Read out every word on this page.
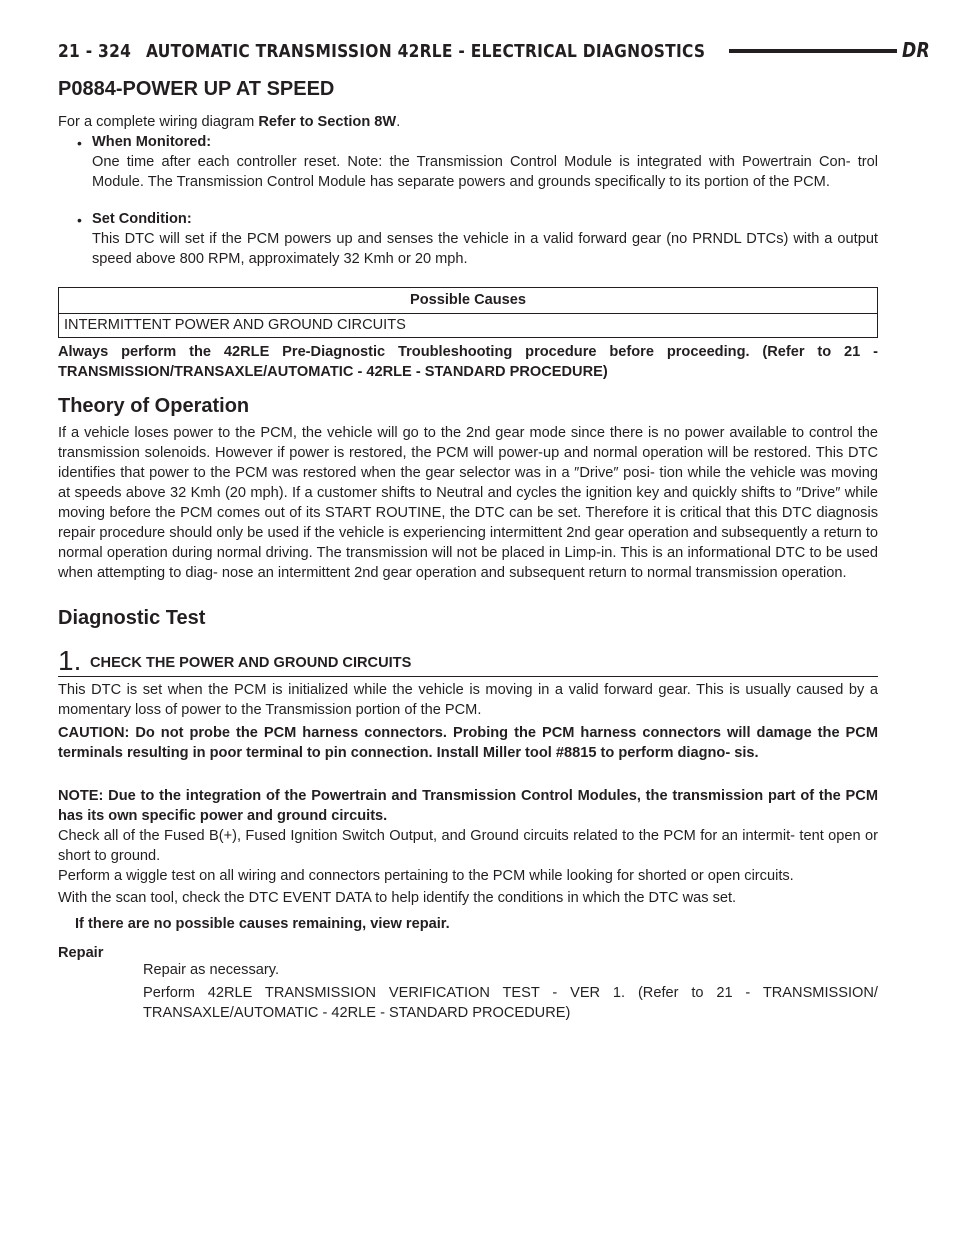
21 - 324 AUTOMATIC TRANSMISSION 42RLE - ELECTRICAL DIAGNOSTICS	DR
P0884-POWER UP AT SPEED

For a complete wiring diagram Refer to Section 8W.

• When Monitored:

One time after each controller reset. Note: the Transmission Control Module is integrated with Powertrain Con- trol Module. The Transmission Control Module has separate powers and grounds specifically to its portion of the PCM.

• Set Condition:

This DTC will set if the PCM powers up and senses the vehicle in a valid forward gear (no PRNDL DTCs) with a output speed above 800 RPM, approximately 32 Kmh or 20 mph.

Possible Causes
INTERMITTENT POWER AND GROUND CIRCUITS

Always perform the 42RLE Pre-Diagnostic Troubleshooting procedure before proceeding. (Refer to 21 - TRANSMISSION/TRANSAXLE/AUTOMATIC - 42RLE - STANDARD PROCEDURE)

Theory of Operation

If a vehicle loses power to the PCM, the vehicle will go to the 2nd gear mode since there is no power available to control the transmission solenoids. However if power is restored, the PCM will power-up and normal operation will be restored. This DTC identifies that power to the PCM was restored when the gear selector was in a ″Drive″ posi- tion while the vehicle was moving at speeds above 32 Kmh (20 mph). If a customer shifts to Neutral and cycles the ignition key and quickly shifts to ″Drive″ while moving before the PCM comes out of its START ROUTINE, the DTC can be set. Therefore it is critical that this DTC diagnosis repair procedure should only be used if the vehicle is experiencing intermittent 2nd gear operation and subsequently a return to normal operation during normal driving. The transmission will not be placed in Limp-in. This is an informational DTC to be used when attempting to diag- nose an intermittent 2nd gear operation and subsequent return to normal transmission operation.

Diagnostic Test
1. CHECK THE POWER AND GROUND CIRCUITS

This DTC is set when the PCM is initialized while the vehicle is moving in a valid forward gear. This is usually caused by a momentary loss of power to the Transmission portion of the PCM.

CAUTION: Do not probe the PCM harness connectors. Probing the PCM harness connectors will damage the PCM terminals resulting in poor terminal to pin connection. Install Miller tool #8815 to perform diagno- sis.

NOTE: Due to the integration of the Powertrain and Transmission Control Modules, the transmission part of the PCM has its own specific power and ground circuits.

Check all of the Fused B(+), Fused Ignition Switch Output, and Ground circuits related to the PCM for an intermit- tent open or short to ground.

Perform a wiggle test on all wiring and connectors pertaining to the PCM while looking for shorted or open circuits.

With the scan tool, check the DTC EVENT DATA to help identify the conditions in which the DTC was set.

If there are no possible causes remaining, view repair.

Repair

Repair as necessary.

Perform 42RLE TRANSMISSION VERIFICATION TEST - VER 1. (Refer to 21 - TRANSMISSION/ TRANSAXLE/AUTOMATIC - 42RLE - STANDARD PROCEDURE)
